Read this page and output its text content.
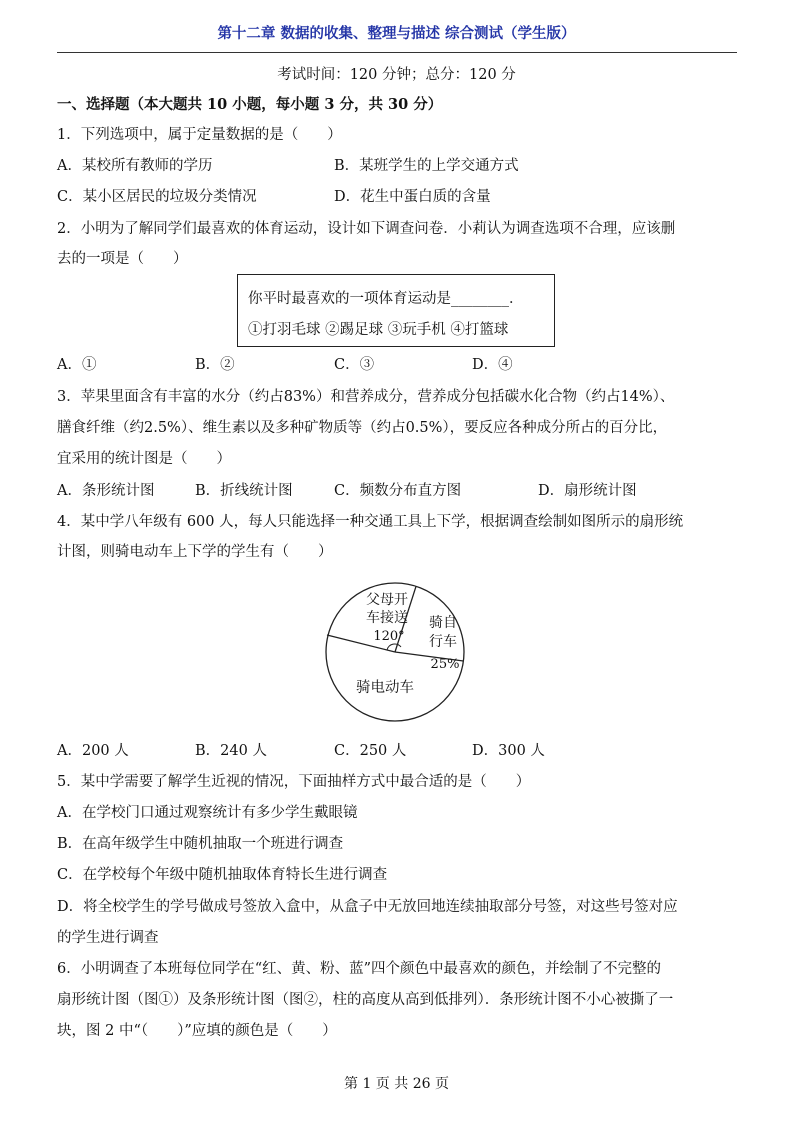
第十二章 数据的收集、整理与描述 综合测试（学生版）
考试时间：120 分钟；总分：120 分
一、选择题（本大题共 10 小题，每小题 3 分，共 30 分）
1．下列选项中，属于定量数据的是（　　）
A．某校所有教师的学历	B．某班学生的上学交通方式
C．某小区居民的垃圾分类情况	D．花生中蛋白质的含量
2．小明为了解同学们最喜欢的体育运动，设计如下调查问卷．小莉认为调查选项不合理，应该删
去的一项是（　　）
你平时最喜欢的一项体育运动是________．
①打羽毛球 ②踢足球 ③玩手机 ④打篮球
A．①	B．②	C．③	D．④
3．苹果里面含有丰富的水分（约占83%）和营养成分，营养成分包括碳水化合物（约占14%）、
膳食纤维（约2.5%）、维生素以及多种矿物质等（约占0.5%），要反应各种成分所占的百分比，
宜采用的统计图是（　　）
A．条形统计图	B．折线统计图	C．频数分布直方图	D．扇形统计图
4．某中学八年级有 600 人，每人只能选择一种交通工具上下学，根据调查绘制如图所示的扇形统
计图，则骑电动车上下学的学生有（　　）
父母开
车接送
120°
骑自
行车
25%
骑电动车
A．200 人	B．240 人	C．250 人	D．300 人
5．某中学需要了解学生近视的情况，下面抽样方式中最合适的是（　　）
A．在学校门口通过观察统计有多少学生戴眼镜
B．在高年级学生中随机抽取一个班进行调查
C．在学校每个年级中随机抽取体育特长生进行调查
D．将全校学生的学号做成号签放入盒中，从盒子中无放回地连续抽取部分号签，对这些号签对应
的学生进行调查
6．小明调查了本班每位同学在“红、黄、粉、蓝”四个颜色中最喜欢的颜色，并绘制了不完整的
扇形统计图（图①）及条形统计图（图②，柱的高度从高到低排列）．条形统计图不小心被撕了一
块，图 2 中“（　　）”应填的颜色是（　　）
第 1 页 共 26 页
